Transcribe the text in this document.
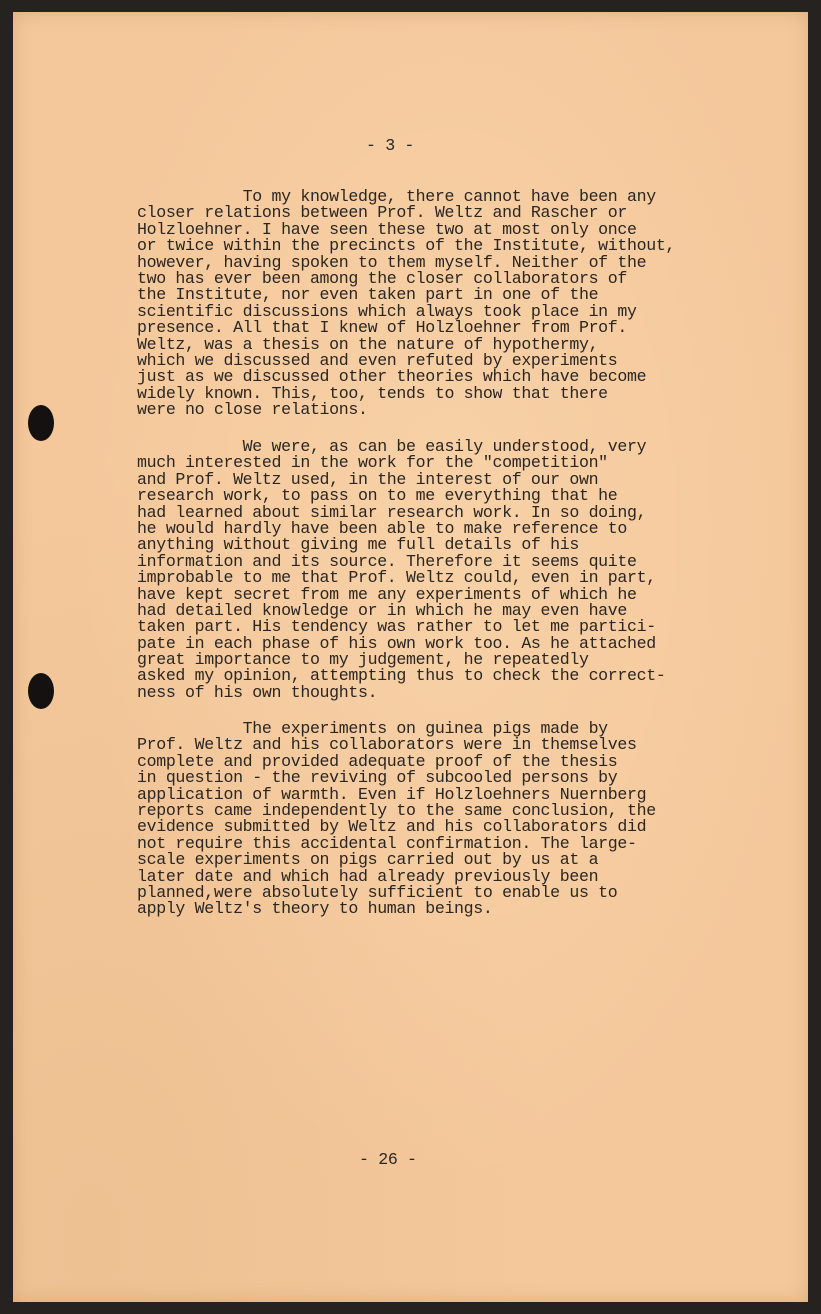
- 3 -
To my knowledge, there cannot have been any
closer relations between Prof. Weltz and Rascher or
Holzloehner. I have seen these two at most only once
or twice within the precincts of the Institute, without,
however, having spoken to them myself. Neither of the
two has ever been among the closer collaborators of
the Institute, nor even taken part in one of the
scientific discussions which always took place in my
presence. All that I knew of Holzloehner from Prof.
Weltz, was a thesis on the nature of hypothermy,
which we discussed and even refuted by experiments
just as we discussed other theories which have become
widely known. This, too, tends to show that there
were no close relations.
We were, as can be easily understood, very
much interested in the work for the "competition"
and Prof. Weltz used, in the interest of our own
research work, to pass on to me everything that he
had learned about similar research work. In so doing,
he would hardly have been able to make reference to
anything without giving me full details of his
information and its source. Therefore it seems quite
improbable to me that Prof. Weltz could, even in part,
have kept secret from me any experiments of which he
had detailed knowledge or in which he may even have
taken part. His tendency was rather to let me partici-
pate in each phase of his own work too. As he attached
great importance to my judgement, he repeatedly
asked my opinion, attempting thus to check the correct-
ness of his own thoughts.
The experiments on guinea pigs made by
Prof. Weltz and his collaborators were in themselves
complete and provided adequate proof of the thesis
in question - the reviving of subcooled persons by
application of warmth. Even if Holzloehners Nuernberg
reports came independently to the same conclusion, the
evidence submitted by Weltz and his collaborators did
not require this accidental confirmation. The large-
scale experiments on pigs carried out by us at a
later date and which had already previously been
planned,were absolutely sufficient to enable us to
apply Weltz's theory to human beings.
- 26 -
